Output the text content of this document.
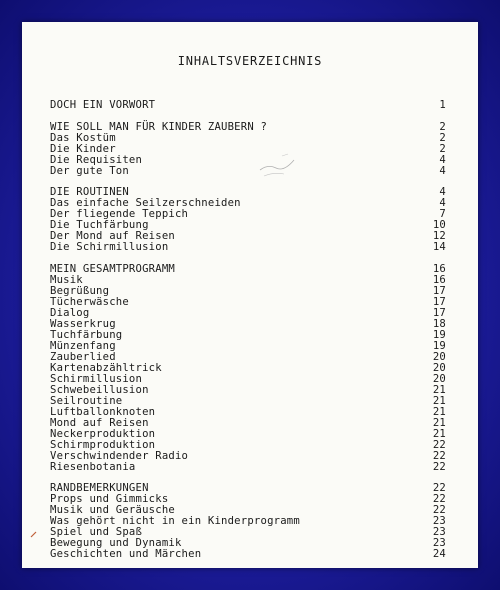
INHALTSVERZEICHNIS
DOCH EIN VORWORT	1
WIE SOLL MAN FÜR KINDER ZAUBERN ?	2
Das Kostüm	2
Die Kinder	2
Die Requisiten	4
Der gute Ton	4
DIE ROUTINEN	4
Das einfache Seilzerschneiden	4
Der fliegende Teppich	7
Die Tuchfärbung	10
Der Mond auf Reisen	12
Die Schirmillusion	14
MEIN GESAMTPROGRAMM	16
Musik	16
Begrüßung	17
Tücherwäsche	17
Dialog	17
Wasserkrug	18
Tuchfärbung	19
Münzenfang	19
Zauberlied	20
Kartenabzähltrick	20
Schirmillusion	20
Schwebeillusion	21
Seilroutine	21
Luftballonknoten	21
Mond auf Reisen	21
Neckerproduktion	21
Schirmproduktion	22
Verschwindender Radio	22
Riesenbotania	22
RANDBEMERKUNGEN	22
Props und Gimmicks	22
Musik und Geräusche	22
Was gehört nicht in ein Kinderprogramm	23
Spiel und Spaß	23
Bewegung und Dynamik	23
Geschichten und Märchen	24
